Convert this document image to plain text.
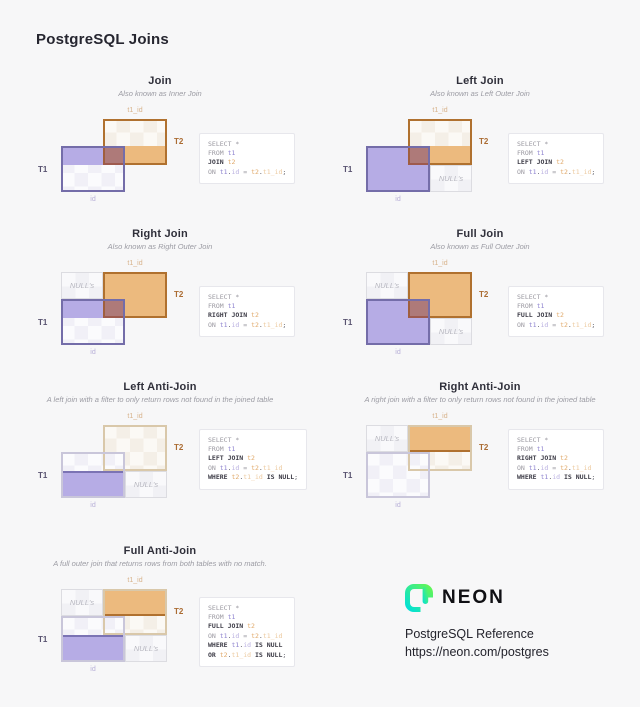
PostgreSQL Joins
Join

Also known as Inner Join

t1_id
T2
T1
id
SELECT *
FROM t1
JOIN t2
ON t1.id = t2.t1_id;
Left Join

Also known as Left Outer Join

t1_id
NULL's
T2
T1
id
SELECT *
FROM t1
LEFT JOIN t2
ON t1.id = t2.t1_id;
Right Join

Also known as Right Outer Join

t1_id
NULL's
T2
T1
id
SELECT *
FROM t1
RIGHT JOIN t2
ON t1.id = t2.t1_id;
Full Join

Also known as Full Outer Join

t1_id
NULL's
NULL's
T2
T1
id
SELECT *
FROM t1
FULL JOIN t2
ON t1.id = t2.t1_id;
Left Anti-Join

A left join with a filter to only return rows not found in the joined table

t1_id
NULL's
T2
T1
id
SELECT *
FROM t1
LEFT JOIN t2
ON t1.id = t2.t1_id
WHERE t2.t1_id IS NULL;
Right Anti-Join

A right join with a filter to only return rows not found in the joined table

t1_id
NULL's
T2
T1
id
SELECT *
FROM t1
RIGHT JOIN t2
ON t1.id = t2.t1_id
WHERE t1.id IS NULL;
Full Anti-Join

A full outer join that returns rows from both tables with no match.

t1_id
NULL's
NULL's
T2
T1
id
SELECT *
FROM t1
FULL JOIN t2
ON t1.id = t2.t1_id
WHERE t1.id IS NULL
OR t2.t1_id IS NULL;
NEON
PostgreSQL Reference
https://neon.com/postgres
